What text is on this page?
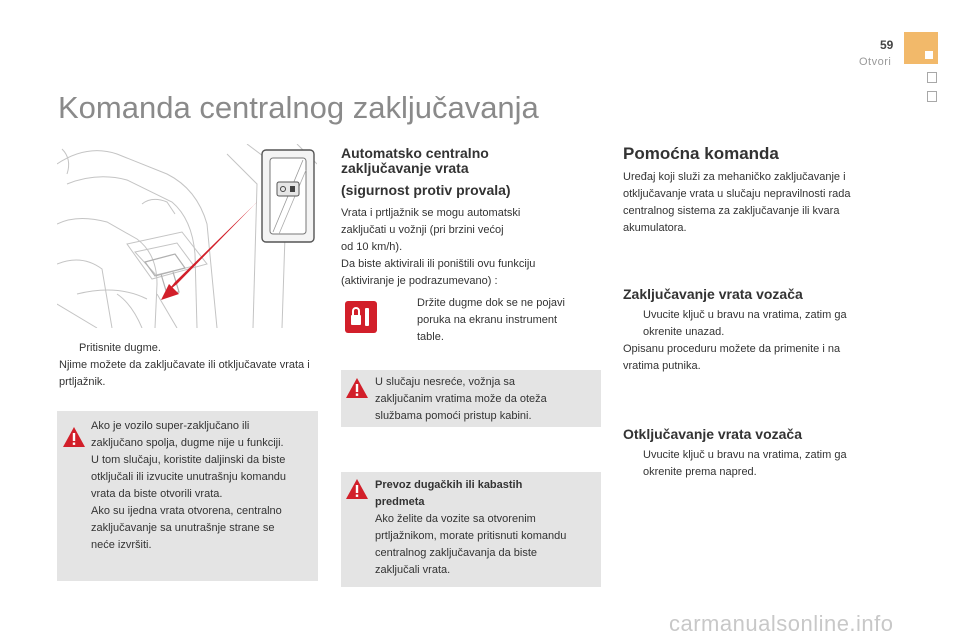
59
Otvori
Komanda centralnog zaključavanja
Pritisnite dugme.
Njime možete da zaključavate ili otključavate vrata i prtljažnik.
Ako je vozilo super-zaključano ili
zaključano spolja, dugme nije u funkciji.
U tom slučaju, koristite daljinski da biste
otključali ili izvucite unutrašnju komandu
vrata da biste otvorili vrata.
Ako su ijedna vrata otvorena, centralno
zaključavanje sa unutrašnje strane se
neće izvršiti.
Automatsko centralno
zaključavanje vrata
(sigurnost protiv provala)
Vrata i prtljažnik se mogu automatski
zaključati u vožnji (pri brzini većoj
od 10 km/h).
Da biste aktivirali ili poništili ovu funkciju
(aktiviranje je podrazumevano) :
Držite dugme dok se ne pojavi
poruka na ekranu instrument
table.
U slučaju nesreće, vožnja sa
zaključanim vratima može da oteža
službama pomoći pristup kabini.
Prevoz dugačkih ili kabastih
predmeta
Ako želite da vozite sa otvorenim
prtljažnikom, morate pritisnuti komandu
centralnog zaključavanja da biste
zaključali vrata.
Pomoćna komanda
Uređaj koji služi za mehaničko zaključavanje i
otključavanje vrata u slučaju nepravilnosti rada
centralnog sistema za zaključavanje ili kvara
akumulatora.
Zaključavanje vrata vozača
Uvucite ključ u bravu na vratima, zatim ga
okrenite unazad.
Opisanu proceduru možete da primenite i na
vratima putnika.
Otključavanje vrata vozača
Uvucite ključ u bravu na vratima, zatim ga
okrenite prema napred.
carmanualsonline.info
